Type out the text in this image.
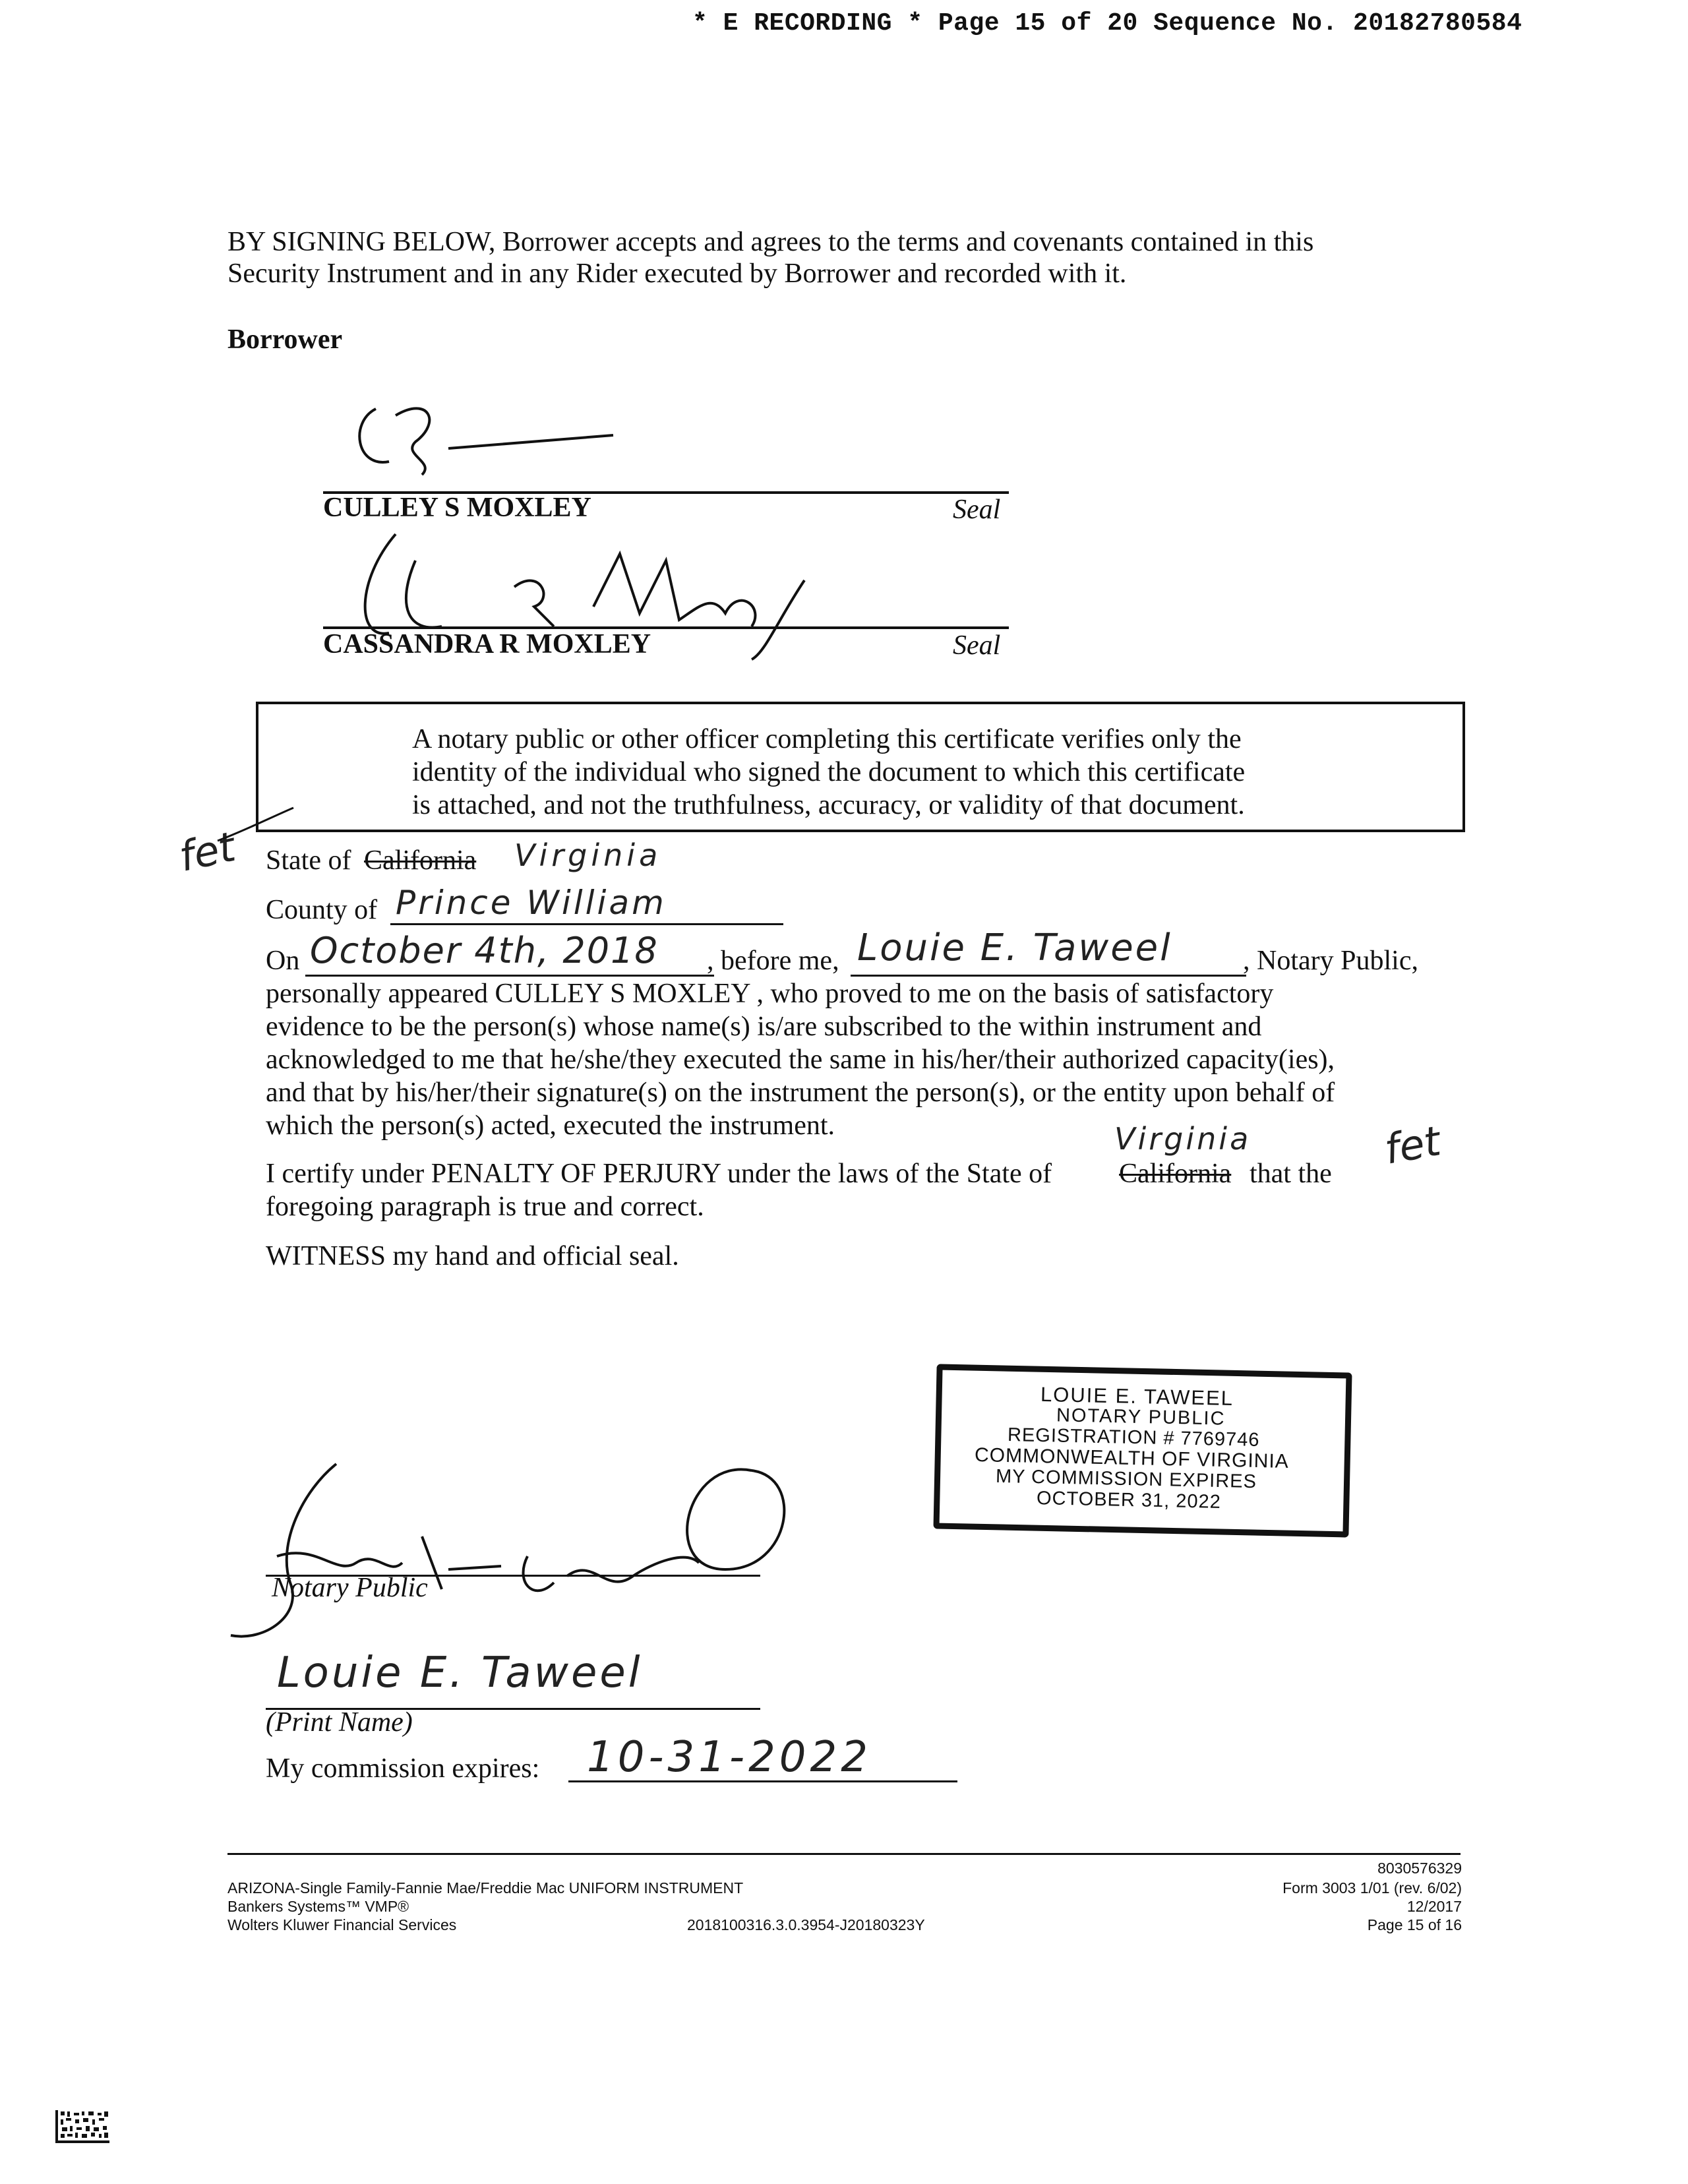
* E RECORDING * Page 15 of 20 Sequence No. 20182780584
BY SIGNING BELOW, Borrower accepts and agrees to the terms and covenants contained in this
Security Instrument and in any Rider executed by Borrower and recorded with it.
Borrower
CULLEY S MOXLEY	Seal
CASSANDRA R MOXLEY	Seal
A notary public or other officer completing this certificate verifies only the
identity of the individual who signed the document to which this certificate
is attached, and not the truthfulness, accuracy, or validity of that document.
fet State of California Virginia
County of Prince William
On October 4th, 2018 , before me, Louie E. Taweel	, Notary Public,
personally appeared CULLEY S MOXLEY , who proved to me on the basis of satisfactory
evidence to be the person(s) whose name(s) is/are subscribed to the within instrument and
acknowledged to me that he/she/they executed the same in his/her/their authorized capacity(ies),
and that by his/her/their signature(s) on the instrument the person(s), or the entity upon behalf of
which the person(s) acted, executed the instrument.	Virginia	fet
I certify under PENALTY OF PERJURY under the laws of the State of California that the
foregoing paragraph is true and correct.
WITNESS my hand and official seal.
LOUIE E. TAWEEL
NOTARY PUBLIC
REGISTRATION # 7769746
COMMONWEALTH OF VIRGINIA
MY COMMISSION EXPIRES
OCTOBER 31, 2022
Notary Public
Louie E. Taweel
(Print Name)
My commission expires: 10-31-2022
8030576329
ARIZONA-Single Family-Fannie Mae/Freddie Mac UNIFORM INSTRUMENT	Form 3003 1/01 (rev. 6/02)
Bankers Systems™ VMP®	12/2017
Wolters Kluwer Financial Services	2018100316.3.0.3954-J20180323Y	Page 15 of 16
